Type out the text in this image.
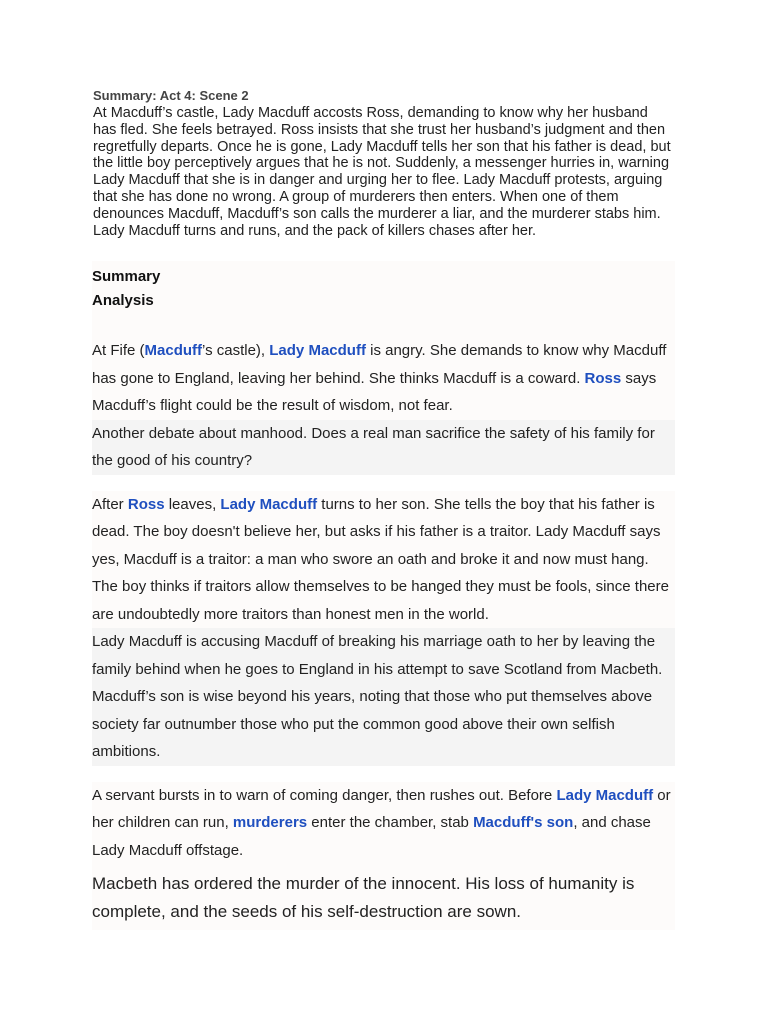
Summary: Act 4: Scene 2
At Macduff’s castle, Lady Macduff accosts Ross, demanding to know why her husband has fled. She feels betrayed. Ross insists that she trust her husband’s judgment and then regretfully departs. Once he is gone, Lady Macduff tells her son that his father is dead, but the little boy perceptively argues that he is not. Suddenly, a messenger hurries in, warning Lady Macduff that she is in danger and urging her to flee. Lady Macduff protests, arguing that she has done no wrong. A group of murderers then enters. When one of them denounces Macduff, Macduff’s son calls the murderer a liar, and the murderer stabs him. Lady Macduff turns and runs, and the pack of killers chases after her.
Summary
Analysis
At Fife (Macduff’s castle), Lady Macduff is angry. She demands to know why Macduff has gone to England, leaving her behind. She thinks Macduff is a coward. Ross says Macduff’s flight could be the result of wisdom, not fear.
Another debate about manhood. Does a real man sacrifice the safety of his family for the good of his country?
After Ross leaves, Lady Macduff turns to her son. She tells the boy that his father is dead. The boy doesn't believe her, but asks if his father is a traitor. Lady Macduff says yes, Macduff is a traitor: a man who swore an oath and broke it and now must hang. The boy thinks if traitors allow themselves to be hanged they must be fools, since there are undoubtedly more traitors than honest men in the world.
Lady Macduff is accusing Macduff of breaking his marriage oath to her by leaving the family behind when he goes to England in his attempt to save Scotland from Macbeth. Macduff’s son is wise beyond his years, noting that those who put themselves above society far outnumber those who put the common good above their own selfish ambitions.
A servant bursts in to warn of coming danger, then rushes out. Before Lady Macduff or her children can run, murderers enter the chamber, stab Macduff's son, and chase Lady Macduff offstage.
Macbeth has ordered the murder of the innocent. His loss of humanity is complete, and the seeds of his self-destruction are sown.
